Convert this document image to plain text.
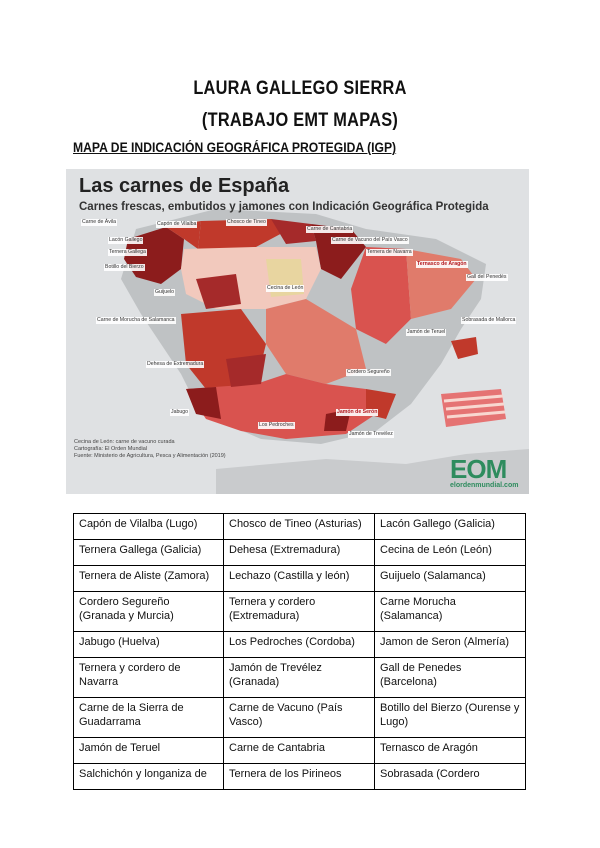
LAURA GALLEGO SIERRA
(TRABAJO EMT MAPAS)
MAPA DE INDICACIÓN GEOGRÁFICA PROTEGIDA (IGP)
Las carnes de España
Carnes frescas, embutidos y jamones con Indicación Geográfica Protegida
Carne de Ávila	Capón de Vilalba
Lacón Gallego
Ternera Gallega
Botillo del Bierzo
Chosco de Tineo
Carne de Cantabria
Carne de Vacuno del País Vasco
Ternera de Navarra
Ternasco de Aragón
Gall del Penedès
Jamón de Teruel
Sobrasada de Mallorca
Jamón de Trevélez
Jamón de Serón
Los Pedroches
Jabugo
Cordero Segureño
Dehesa de Extremadura
Guijuelo
Cecina de León
Carne de Morucha de Salamanca
Cecina de León: carne de vacuno curada
Cartografía: El Orden Mundial
Fuente: Ministerio de Agricultura, Pesca y Alimentación (2019)	EOM
elordenmundial.com
Capón de Vilalba (Lugo)	Chosco de Tineo (Asturias)	Lacón Gallego (Galicia)
Ternera Gallega (Galicia)	Dehesa (Extremadura)	Cecina de León (León)
Ternera de Aliste (Zamora)	Lechazo (Castilla y león)	Guijuelo (Salamanca)
Cordero Segureño (Granada y Murcia)	Ternera y cordero (Extremadura)	Carne Morucha (Salamanca)
Jabugo (Huelva)	Los Pedroches (Cordoba)	Jamon de Seron (Almería)
Ternera y cordero de Navarra	Jamón de Trevélez (Granada)	Gall de Penedes (Barcelona)
Carne de la Sierra de Guadarrama	Carne de Vacuno (País Vasco)	Botillo del Bierzo (Ourense y Lugo)
Jamón de Teruel	Carne de Cantabria	Ternasco de Aragón
Salchichón y longaniza de	Ternera de los Pirineos	Sobrasada (Cordero
